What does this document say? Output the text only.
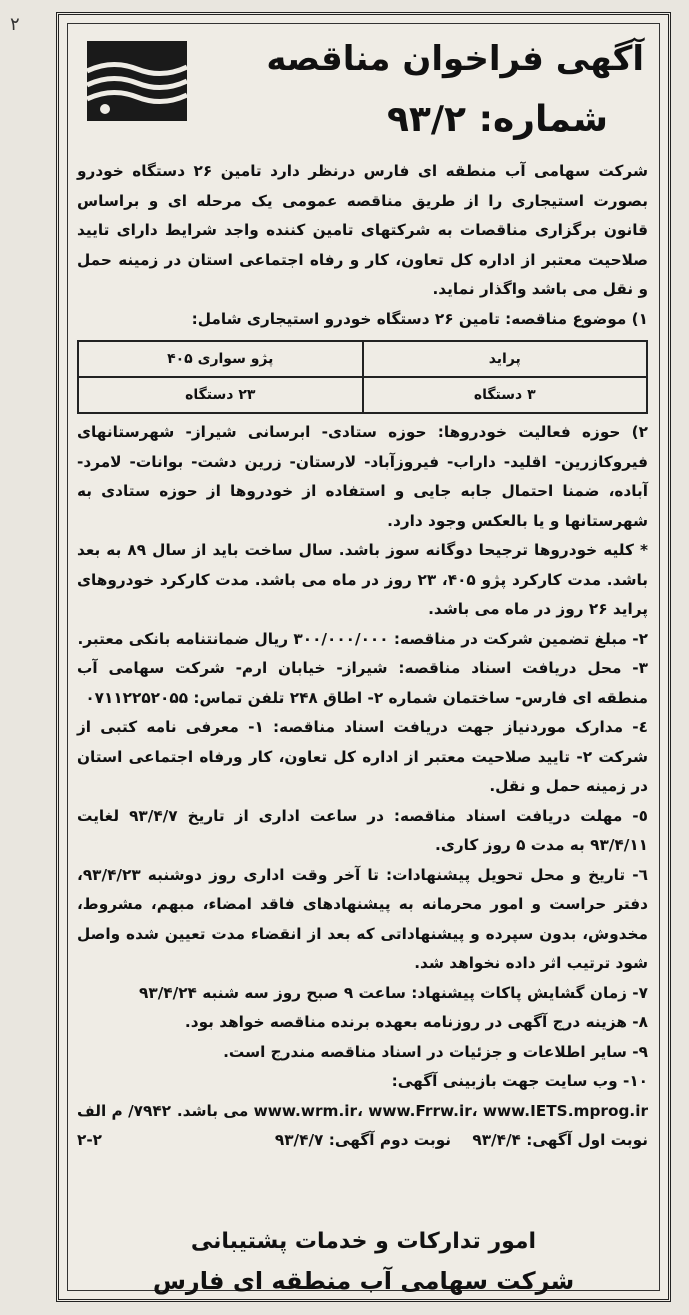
۲
آگهی فراخوان مناقصه
شماره: ۹۳/۲

شرکت سهامی آب منطقه ای فارس درنظر دارد تامین ۲۶ دستگاه خودرو بصورت استیجاری را از طریق مناقصه عمومی یک مرحله ای و براساس قانون برگزاری مناقصات به شرکتهای تامین کننده واجد شرایط دارای تایید صلاحیت معتبر از اداره کل تعاون، کار و رفاه اجتماعی استان در زمینه حمل و نقل می باشد واگذار نماید.

۱) موضوع مناقصه: تامین ۲۶ دستگاه خودرو استیجاری شامل:

پراید	پژو سواری ۴۰۵
۳ دستگاه	۲۳ دستگاه

۲) حوزه فعالیت خودروها: حوزه ستادی- ابرسانی شیراز- شهرستانهای فیروکازرین- اقلید- داراب- فیروزآباد- لارستان- زرین دشت- بوانات- لامرد- آباده، ضمنا احتمال جابه جایی و استفاده از خودروها از حوزه ستادی به شهرستانها و یا بالعکس وجود دارد.

* کلیه خودروها ترجیحا دوگانه سوز باشد. سال ساخت باید از سال ۸۹ به بعد باشد. مدت کارکرد پژو ۴۰۵، ۲۳ روز در ماه می باشد. مدت کارکرد خودروهای پراید ۲۶ روز در ماه می باشد.

۲- مبلغ تضمین شرکت در مناقصه: ۳۰۰/۰۰۰/۰۰۰ ریال ضمانتنامه بانکی معتبر.

۳- محل دریافت اسناد مناقصه: شیراز- خیابان ارم- شرکت سهامی آب منطقه ای فارس- ساختمان شماره ۲- اطاق ۲۴۸ تلفن تماس: ۰۷۱۱۲۲۵۲۰۵۵

٤- مدارک موردنیاز جهت دریافت اسناد مناقصه: ۱- معرفی نامه کتبی از شرکت ۲- تایید صلاحیت معتبر از اداره کل تعاون، کار ورفاه اجتماعی استان در زمینه حمل و نقل.

٥- مهلت دریافت اسناد مناقصه: در ساعت اداری از تاریخ ۹۳/۴/۷ لغایت ۹۳/۴/۱۱ به مدت ۵ روز کاری.

٦- تاریخ و محل تحویل پیشنهادات: تا آخر وقت اداری روز دوشنبه ۹۳/۴/۲۳، دفتر حراست و امور محرمانه به پیشنهادهای فاقد امضاء، مبهم، مشروط، مخدوش، بدون سپرده و پیشنهاداتی که بعد از انقضاء مدت تعیین شده واصل شود ترتیب اثر داده نخواهد شد.

۷- زمان گشایش پاکات پیشنهاد: ساعت ۹ صبح روز سه شنبه ۹۳/۴/۲۴

۸- هزینه درج آگهی در روزنامه بعهده برنده مناقصه خواهد بود.

۹- سایر اطلاعات و جزئیات در اسناد مناقصه مندرج است.

۱۰- وب سایت جهت بازبینی آگهی:

www.wrm.ir، www.Frrw.ir، www.IETS.mprog.ir می باشد.
۷۹۴۲/ م الف

نوبت اول آگهی: ۹۳/۴/۴    نوبت دوم آگهی: ۹۳/۴/۷
۲-۲

امور تدارکات و خدمات پشتیبانی
شرکت سهامی آب منطقه ای فارس
